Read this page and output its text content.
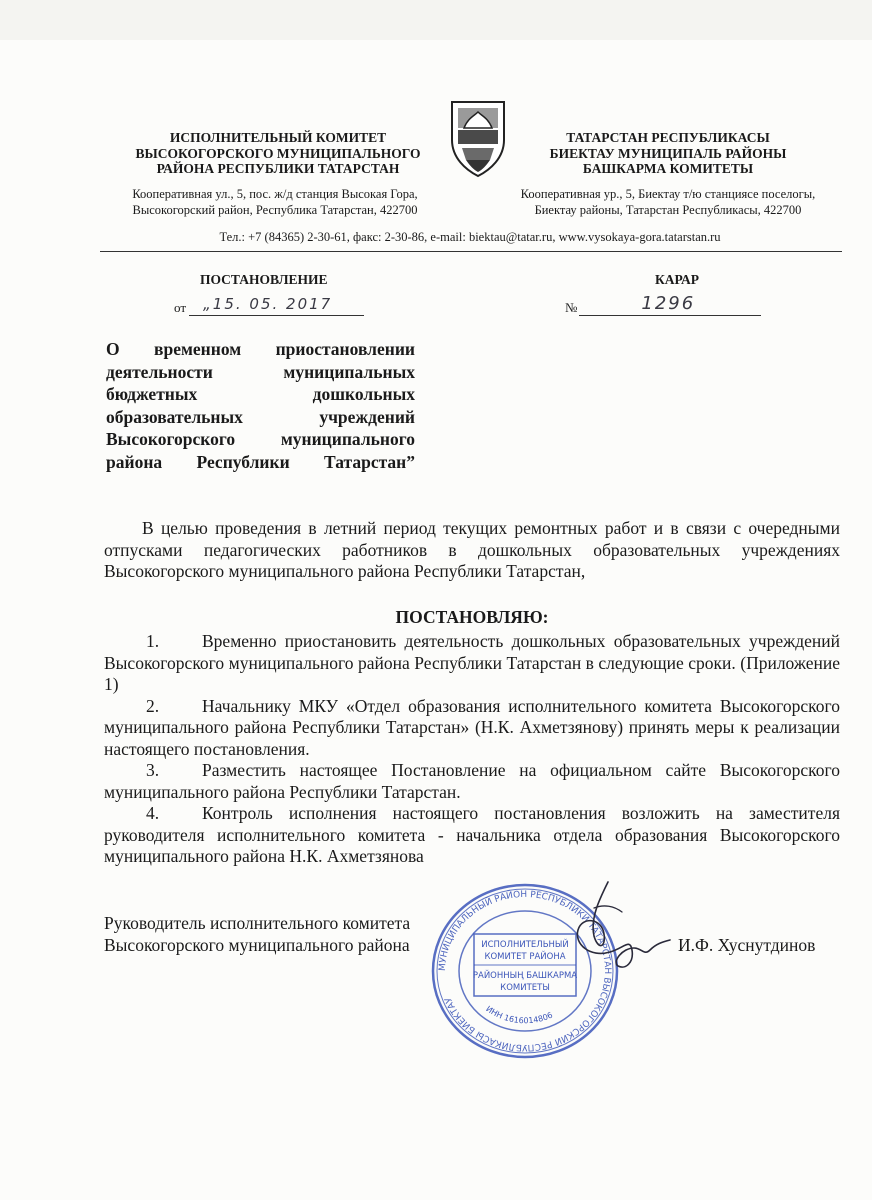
ИСПОЛНИТЕЛЬНЫЙ КОМИТЕТ
ВЫСОКОГОРСКОГО МУНИЦИПАЛЬНОГО
РАЙОНА РЕСПУБЛИКИ ТАТАРСТАН
Кооперативная ул., 5, пос. ж/д станция Высокая Гора,
Высокогорский район, Республика Татарстан, 422700
ТАТАРСТАН РЕСПУБЛИКАСЫ
БИЕКТАУ МУНИЦИПАЛЬ РАЙОНЫ
БАШКАРМА КОМИТЕТЫ
Кооперативная ур., 5, Биектау т/ю станциясе поселогы,
Биектау районы, Татарстан Республикасы, 422700
Тел.: +7 (84365) 2-30-61, факс: 2-30-86, e-mail: biektau@tatar.ru, www.vysokaya-gora.tatarstan.ru
ПОСТАНОВЛЕНИЕ	КАРАР
от „15. 05. 2017	№	1296
О временном приостановлении
деятельности муниципальных
бюджетных дошкольных
образовательных учреждений
Высокогорского муниципального
района Республики Татарстан”
В целью проведения в летний период текущих ремонтных работ и в связи с очередными отпусками педагогических работников в дошкольных образовательных учреждениях Высокогорского муниципального района Республики Татарстан,
ПОСТАНОВЛЯЮ:
1. Временно приостановить деятельность дошкольных образовательных учреждений Высокогорского муниципального района Республики Татарстан в следующие сроки. (Приложение 1)
2. Начальнику МКУ «Отдел образования исполнительного комитета Высокогорского муниципального района Республики Татарстан» (Н.К. Ахметзянову) принять меры к реализации настоящего постановления.
3. Разместить настоящее Постановление на официальном сайте Высокогорского муниципального района Республики Татарстан.
4. Контроль исполнения настоящего постановления возложить на заместителя руководителя исполнительного комитета - начальника отдела образования Высокогорского муниципального района Н.К. Ахметзянова
МУНИЦИПАЛЬНЫЙ РАЙОН РЕСПУБЛИКИ ТАТАРСТАН ВЫСОКОГОРСКИЙ РЕСПУБЛИКАСЫ БИЕКТАУ
ИСПОЛНИТЕЛЬНЫЙ
КОМИТЕТ РАЙОНА
РАЙОННЫҢ БАШКАРМА
КОМИТЕТЫ
ИНН 1616014806
Руководитель исполнительного комитета
Высокогорского муниципального района	И.Ф. Хуснутдинов
